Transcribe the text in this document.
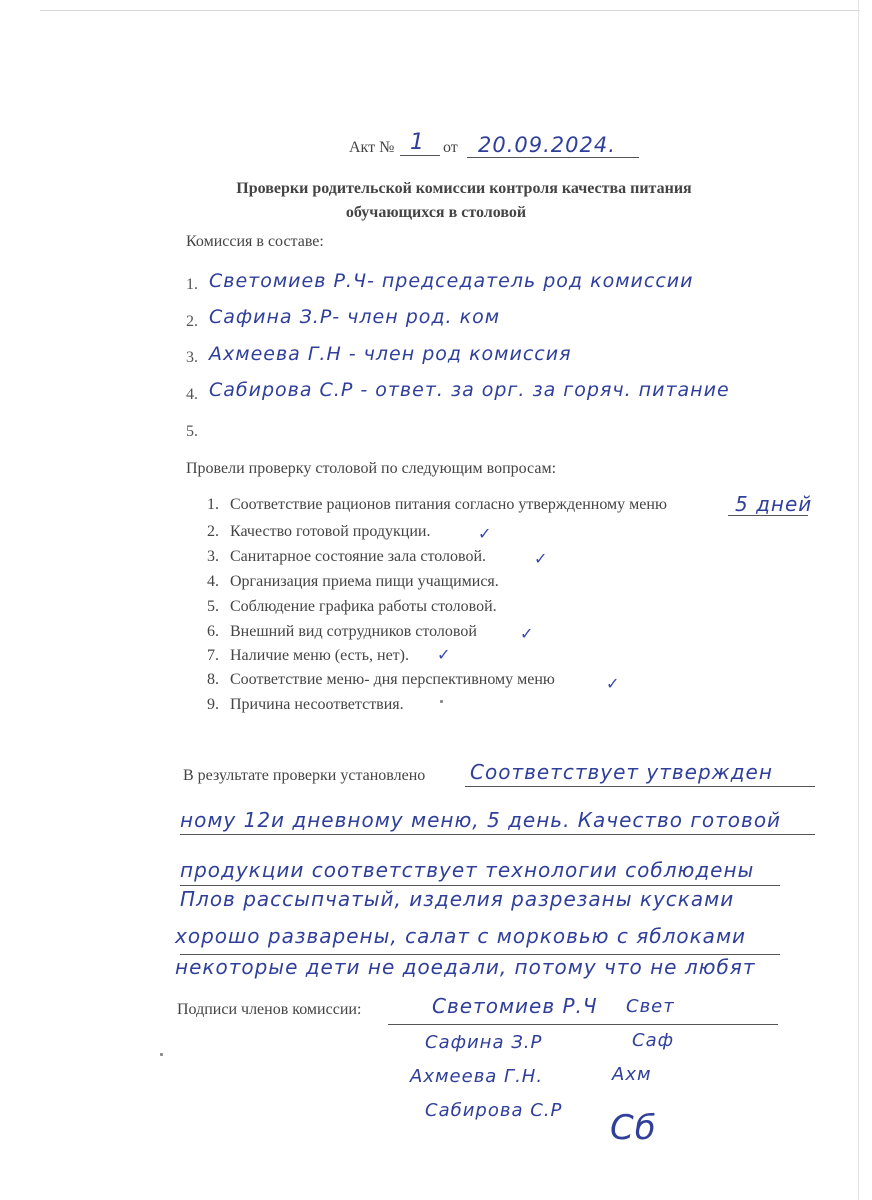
Акт № 1 от 20.09.2024.
Проверки родительской комиссии контроля качества питания
обучающихся в столовой
Комиссия в составе:
1. Светомиев Р.Ч- председатель род комиссии
2. Сафина З.Р- член род. ком
3. Ахмеева Г.Н - член род комиссия
4. Сабирова С.Р - ответ. за орг. за горяч. питание
5.
Провели проверку столовой по следующим вопросам:
1. Соответствие рационов питания согласно утвержденному меню	5 дней
2. Качество готовой продукции.	✓
3. Санитарное состояние зала столовой.	✓
4. Организация приема пищи учащимися.
5. Соблюдение графика работы столовой.
6. Внешний вид сотрудников столовой	✓
7. Наличие меню (есть, нет). ✓
8. Соответствие меню- дня перспективному меню	✓
9. Причина несоответствия.
В результате проверки установлено Соответствует утвержден
ному 12и дневному меню, 5 день. Качество готовой
продукции соответствует технологии соблюдены
Плов рассыпчатый, изделия разрезаны кусками
хорошо разварены, салат с морковью с яблоками
некоторые дети не доедали, потому что не любят
Подписи членов комиссии:	Светомиев Р.Ч Свет
Сафина З.Р	Саф
Ахмеева Г.Н.	Ахм
Сабирова С.Р Сб
